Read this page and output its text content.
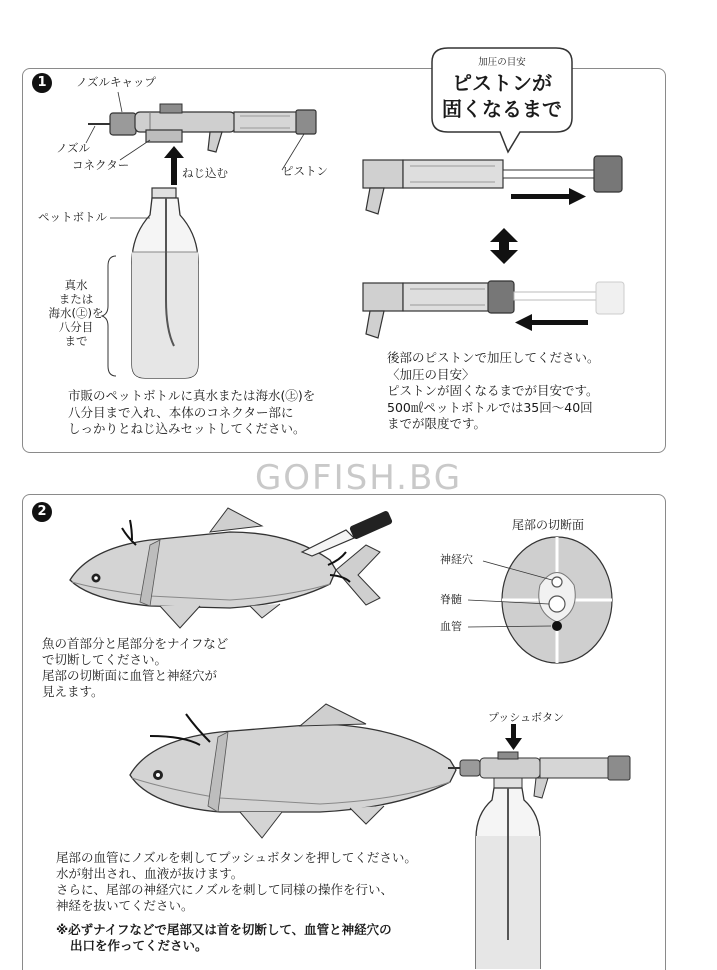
1
2
GOFISH.BG
ノズルキャップ
ノズル
コネクター
ねじ込む	ピストン
ペットボトル
真水
または
海水(㊤)を
八分目
まで
市販のペットボトルに真水または海水(㊤)を
八分目まで入れ、本体のコネクター部に
しっかりとねじ込みセットしてください。
加圧の目安
ピストンが
固くなるまで
後部のピストンで加圧してください。
〈加圧の目安〉
ピストンが固くなるまでが目安です。
500㎖ペットボトルでは35回〜40回
までが限度です。
尾部の切断面
神経穴
脊髄
血管
プッシュボタン
魚の首部分と尾部分をナイフなど
で切断してください。
尾部の切断面に血管と神経穴が
見えます。
尾部の血管にノズルを刺してプッシュボタンを押してください。
水が射出され、血液が抜けます。
さらに、尾部の神経穴にノズルを刺して同様の操作を行い、
神経を抜いてください。
※必ずナイフなどで尾部又は首を切断して、血管と神経穴の
出口を作ってください。
